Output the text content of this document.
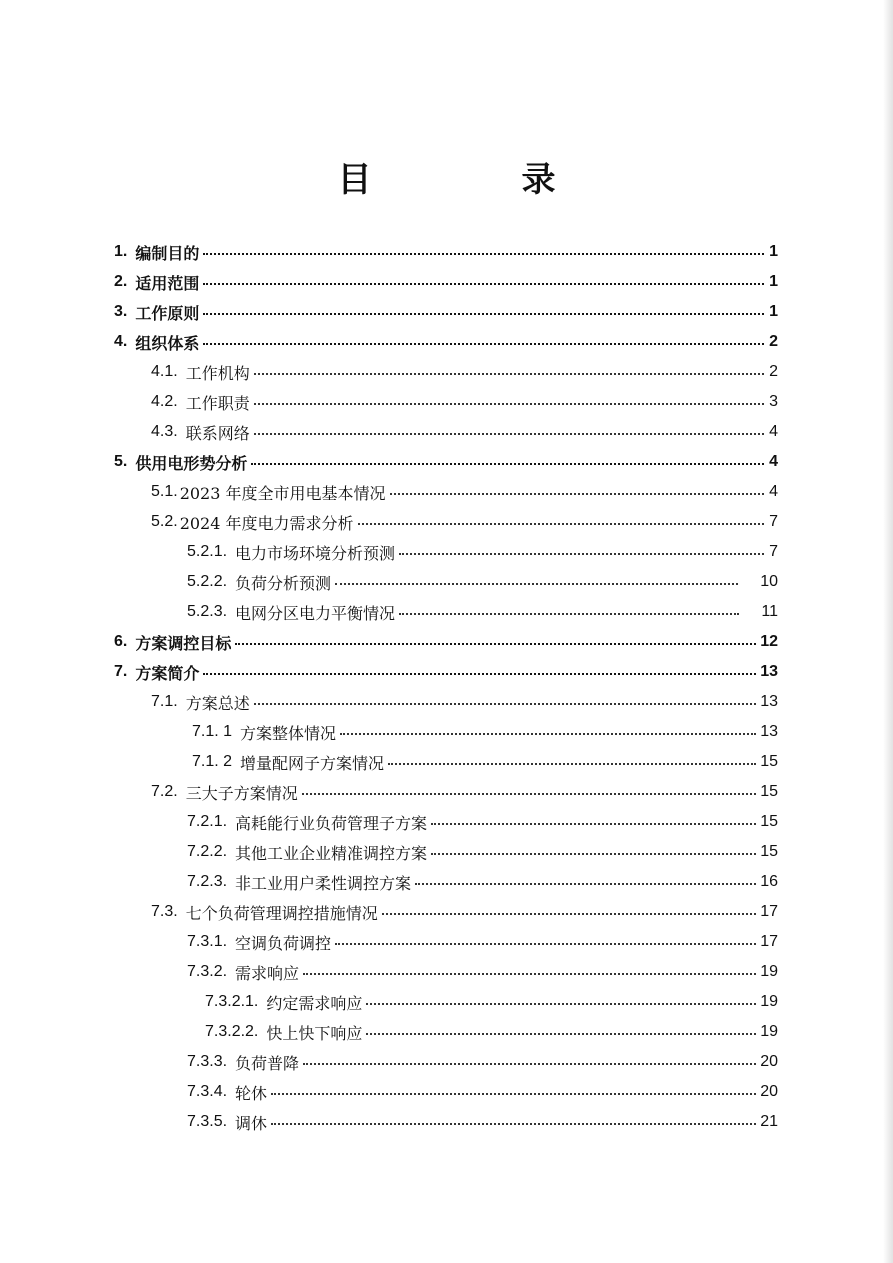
目　录
1. 编制目的	1
2. 适用范围	1
3. 工作原则	1
4. 组织体系	2
4.1. 工作机构	2
4.2. 工作职责	3
4.3. 联系网络	4
5. 供用电形势分析	4
5.1. 2023 年度全市用电基本情况	4
5.2. 2024 年度电力需求分析	7
5.2.1. 电力市场环境分析预测	7
5.2.2. 负荷分析预测	10
5.2.3. 电网分区电力平衡情况	11
6. 方案调控目标	12
7. 方案简介	13
7.1. 方案总述	13
7.1. 1 方案整体情况	13
7.1. 2 增量配网子方案情况	15
7.2. 三大子方案情况	15
7.2.1. 高耗能行业负荷管理子方案	15
7.2.2. 其他工业企业精准调控方案	15
7.2.3. 非工业用户柔性调控方案	16
7.3. 七个负荷管理调控措施情况	17
7.3.1. 空调负荷调控	17
7.3.2. 需求响应	19
7.3.2.1. 约定需求响应	19
7.3.2.2. 快上快下响应	19
7.3.3. 负荷普降	20
7.3.4. 轮休	20
7.3.5. 调休	21
